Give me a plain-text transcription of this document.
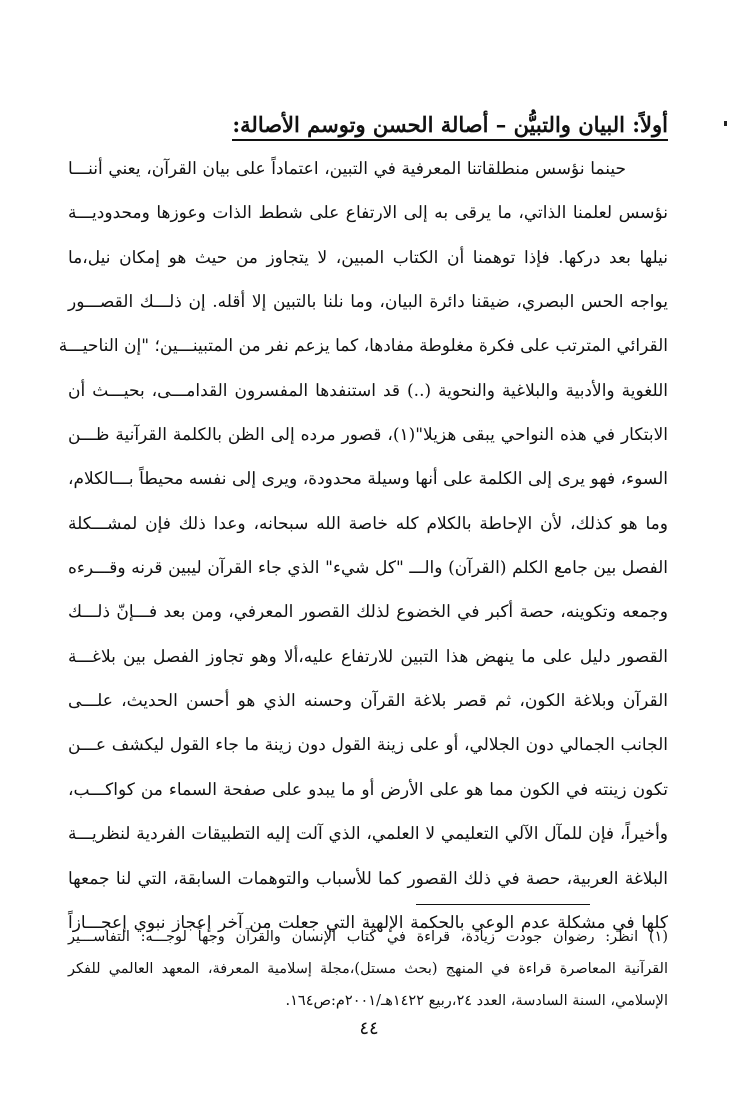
أولاً: البيان والتبيُّن – أصالة الحسن وتوسم الأصالة:
حينما نؤسس منطلقاتنا المعرفية في التبين، اعتماداً على بيان القرآن، يعني أننـــا
نؤسس لعلمنا الذاتي، ما يرقى به إلى الارتفاع على شطط الذات وعوزها ومحدوديـــة
نيلها بعد دركها. فإذا توهمنا أن الكتاب المبين، لا يتجاوز من حيث هو إمكان نيل،ما
يواجه الحس البصري، ضيقنا دائرة البيان، وما نلنا بالتبين إلا أقله. إن ذلـــك القصـــور
القرائي المترتب على فكرة مغلوطة مفادها، كما يزعم نفر من المتبينـــين؛ "إن الناحيـــة
اللغوية والأدبية والبلاغية والنحوية (..) قد استنفدها المفسرون القدامـــى، بحيـــث أن
الابتكار في هذه النواحي يبقى هزيلا"(١)، قصور مرده إلى الظن بالكلمة القرآنية ظـــن
السوء، فهو يرى إلى الكلمة على أنها وسيلة محدودة، ويرى إلى نفسه محيطاً بـــالكلام،
وما هو كذلك، لأن الإحاطة بالكلام كله خاصة الله سبحانه، وعدا ذلك فإن لمشـــكلة
الفصل بين جامع الكلم (القرآن) والـــ "كل شيء" الذي جاء القرآن ليبين قرنه وقـــرءه
وجمعه وتكوينه، حصة أكبر في الخضوع لذلك القصور المعرفي، ومن بعد فـــإنّ ذلـــك
القصور دليل على ما ينهض هذا التبين للارتفاع عليه،ألا وهو تجاوز الفصل بين بلاغـــة
القرآن وبلاغة الكون، ثم قصر بلاغة القرآن وحسنه الذي هو أحسن الحديث، علـــى
الجانب الجمالي دون الجلالي، أو على زينة القول دون زينة ما جاء القول ليكشف عـــن
تكون زينته في الكون مما هو على الأرض أو ما يبدو على صفحة السماء من كواكـــب،
وأخيراً، فإن للمآل الآلي التعليمي لا العلمي، الذي آلت إليه التطبيقات الفردية لنظريـــة
البلاغة العربية، حصة في ذلك القصور كما للأسباب والتوهمات السابقة، التي لنا جمعها
كلها في مشكلة عدم الوعي بالحكمة الإلهية التي جعلت من آخر إعجاز نبوي إعجـــازاً
(١) انظر: رضوان جودت زيادة، قراءة في كتاب الإنسان والقرآن وجهاً لوجـــه: التفاســـير
القرآنية المعاصرة قراءة في المنهج (بحث مستل)،مجلة إسلامية المعرفة، المعهد العالمي للفكر
الإسلامي، السنة السادسة، العدد ٢٤،ربيع ١٤٢٢هـ/٢٠٠١م:ص١٦٤.
٤٤
